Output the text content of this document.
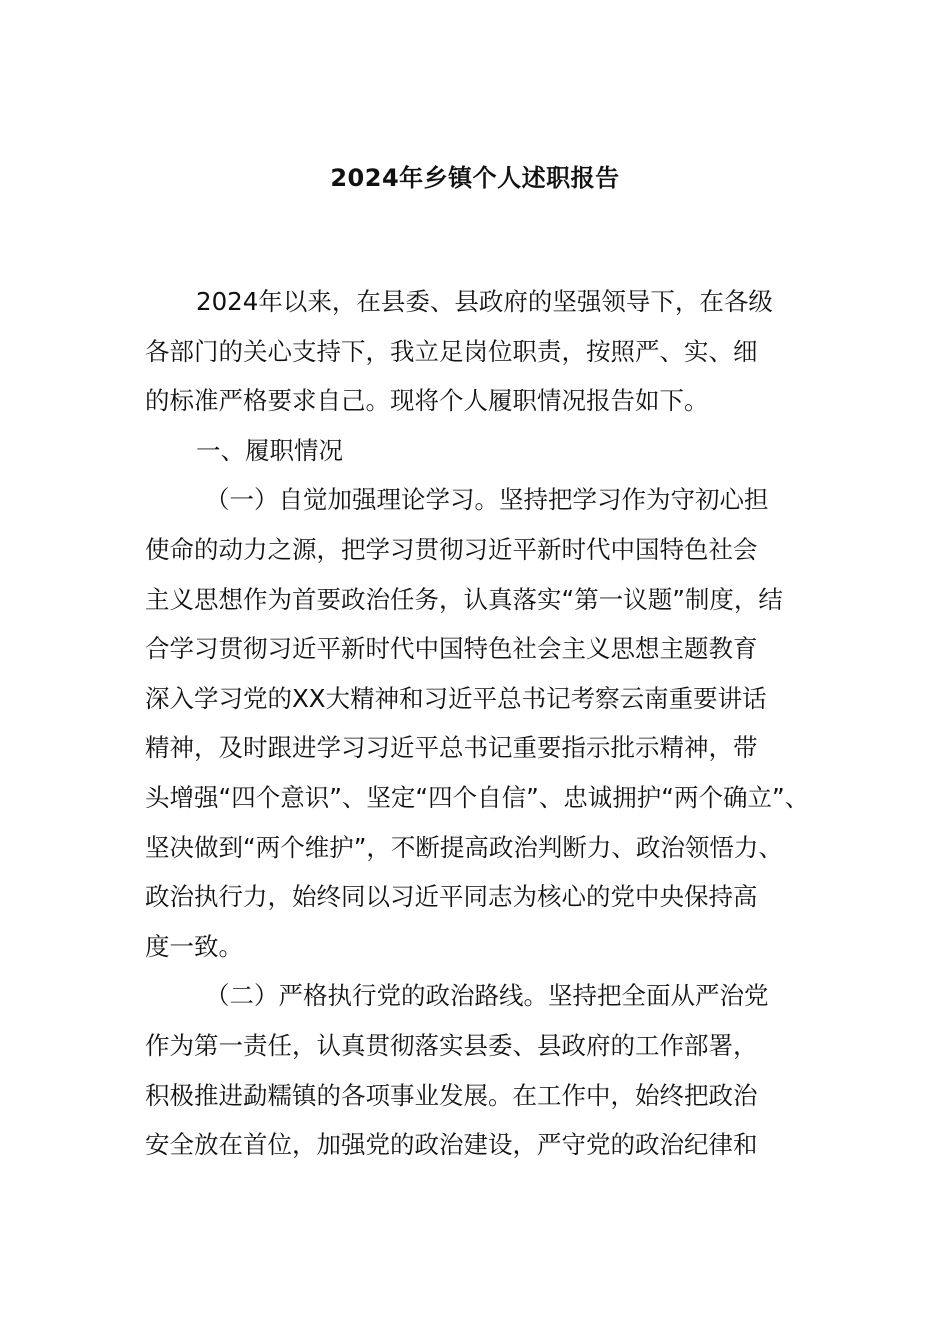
2024年乡镇个人述职报告
2024年以来，在县委、县政府的坚强领导下，在各级
各部门的关心支持下，我立足岗位职责，按照严、实、细
的标准严格要求自己。现将个人履职情况报告如下。
一、履职情况
（一）自觉加强理论学习。坚持把学习作为守初心担
使命的动力之源，把学习贯彻习近平新时代中国特色社会
主义思想作为首要政治任务，认真落实“第一议题”制度，结
合学习贯彻习近平新时代中国特色社会主义思想主题教育
深入学习党的XX大精神和习近平总书记考察云南重要讲话
精神，及时跟进学习习近平总书记重要指示批示精神，带
头增强“四个意识”、坚定“四个自信”、忠诚拥护“两个确立”、
坚决做到“两个维护”，不断提高政治判断力、政治领悟力、
政治执行力，始终同以习近平同志为核心的党中央保持高
度一致。
（二）严格执行党的政治路线。坚持把全面从严治党
作为第一责任，认真贯彻落实县委、县政府的工作部署，
积极推进勐糯镇的各项事业发展。在工作中，始终把政治
安全放在首位，加强党的政治建设，严守党的政治纪律和
